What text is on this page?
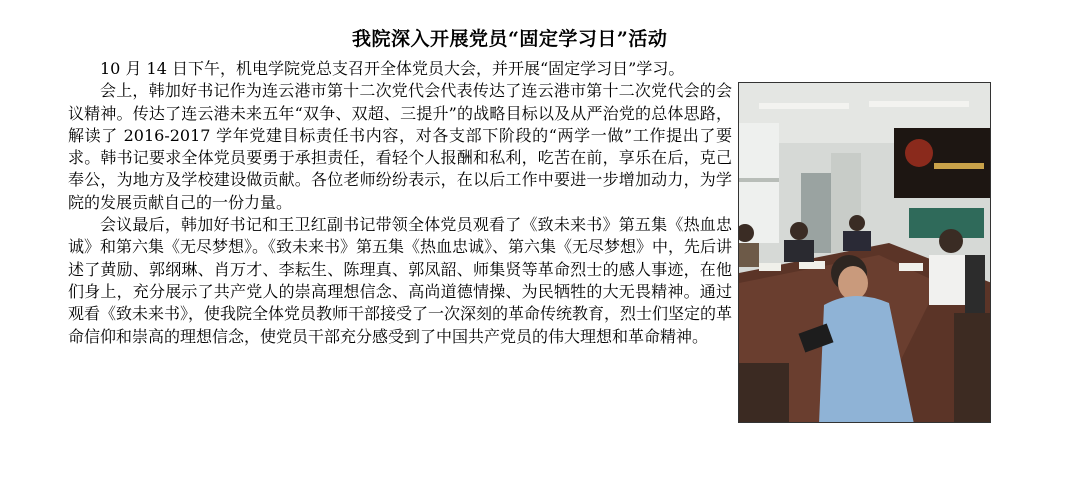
我院深入开展党员“固定学习日”活动

10 月 14 日下午，机电学院党总支召开全体党员大会，并开展“固定学习日”学习。

会上，韩加好书记作为连云港市第十二次党代会代表传达了连云港市第十二次党代会的会议精神。传达了连云港未来五年“双争、双超、三提升”的战略目标以及从严治党的总体思路，解读了 2016-2017 学年党建目标责任书内容，对各支部下阶段的“两学一做”工作提出了要求。韩书记要求全体党员要勇于承担责任，看轻个人报酬和私利，吃苦在前，享乐在后，克己奉公，为地方及学校建设做贡献。各位老师纷纷表示，在以后工作中要进一步增加动力，为学院的发展贡献自己的一份力量。

会议最后，韩加好书记和王卫红副书记带领全体党员观看了《致未来书》第五集《热血忠诚》和第六集《无尽梦想》。《致未来书》第五集《热血忠诚》、第六集《无尽梦想》中，先后讲述了黄励、郭纲琳、肖万才、李耘生、陈理真、郭凤韶、师集贤等革命烈士的感人事迹，在他们身上，充分展示了共产党人的崇高理想信念、高尚道德情操、为民牺牲的大无畏精神。通过观看《致未来书》，使我院全体党员教师干部接受了一次深刻的革命传统教育，烈士们坚定的革命信仰和崇高的理想信念，使党员干部充分感受到了中国共产党员的伟大理想和革命精神。
